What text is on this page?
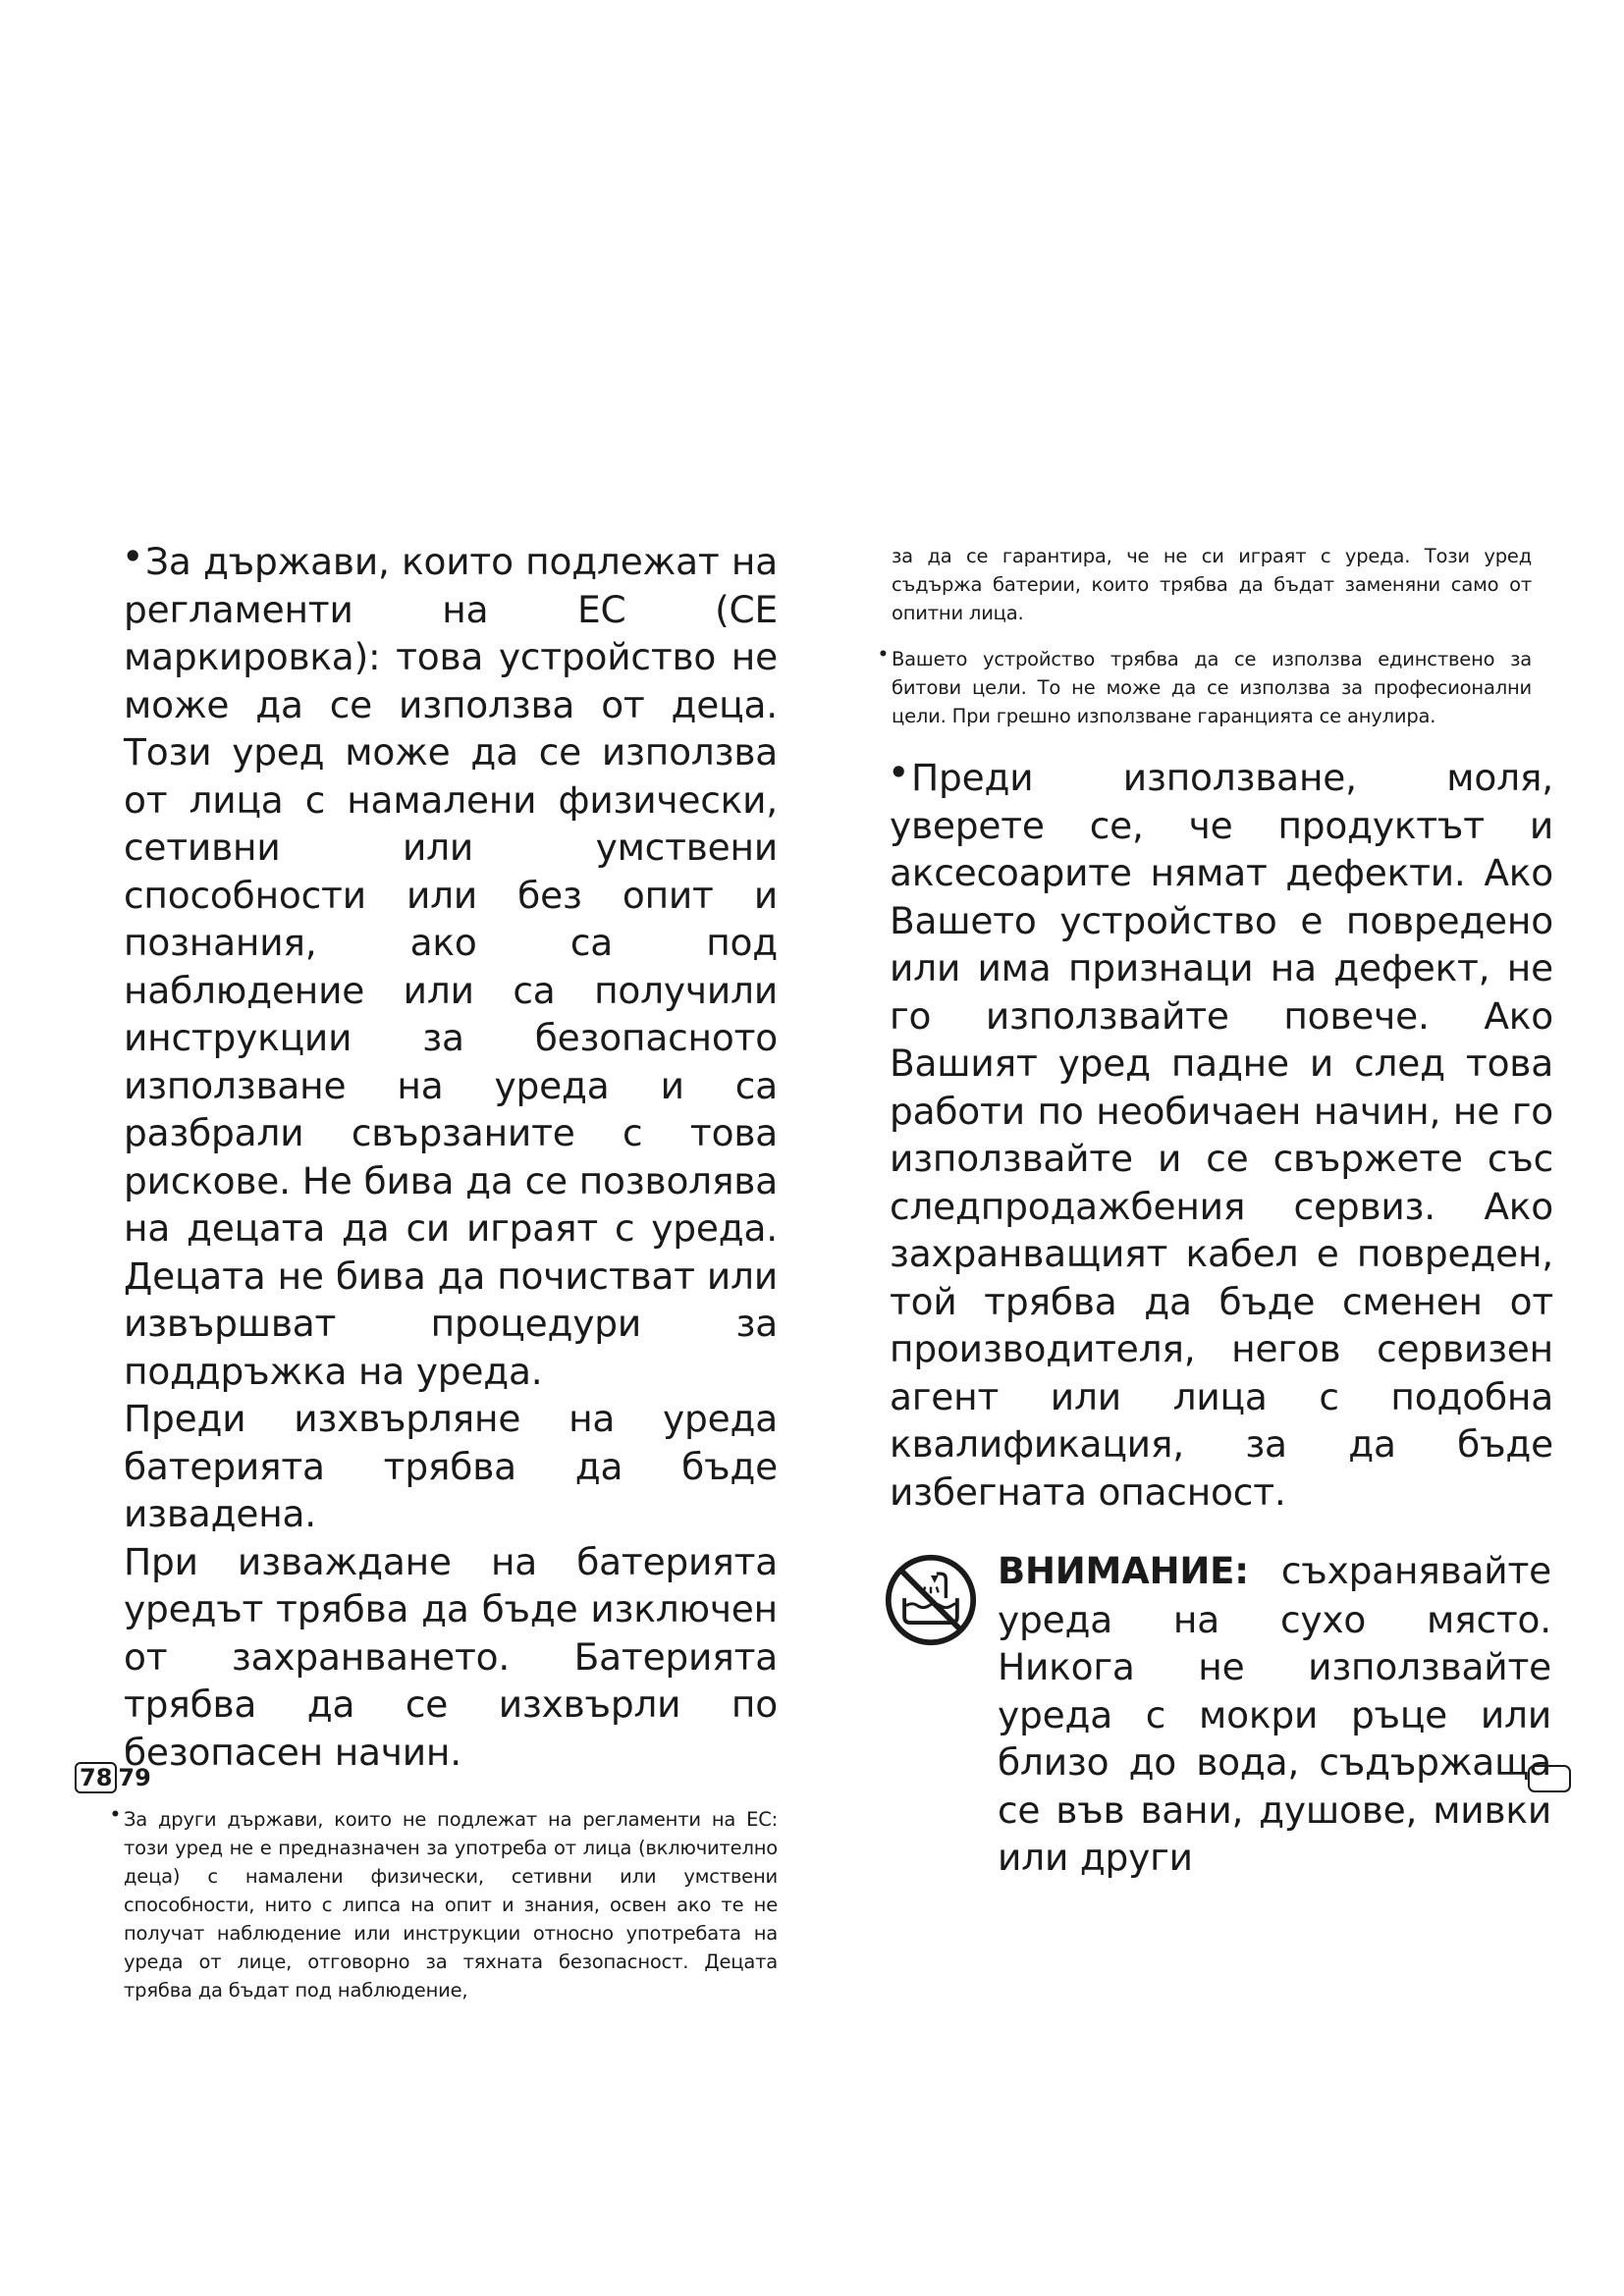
• За държави, които подлежат на регламенти на ЕС (СЕ маркировка): това устройство не може да се използва от деца. Този уред може да се използва от лица с намалени физически, сетивни или умствени способности или без опит и познания, ако са под наблюдение или са получили инструкции за безопасното използване на уреда и са разбрали свързаните с това рискове. Не бива да се позволява на децата да си играят с уреда. Децата не бива да почистват или извършват процедури за поддръжка на уреда.

Преди изхвърляне на уреда батерията трябва да бъде извадена.

При изваждане на батерията уредът трябва да бъде изключен от захранването. Батерията трябва да се изхвърли по безопасен начин.

• За други държави, които не подлежат на регламенти на ЕС: този уред не е предназначен за употреба от лица (включително деца) с намалени физически, сетивни или умствени способности, нито с липса на опит и знания, освен ако те не получат наблюдение или инструкции относно употребата на уреда от лице, отговорно за тяхната безопасност. Децата трябва да бъдат под наблюдение,

за да се гарантира, че не си играят с уреда. Този уред съдържа батерии, които трябва да бъдат заменяни само от опитни лица.

• Вашето устройство трябва да се използва единствено за битови цели. То не може да се използва за професионални цели. При грешно използване гаранцията се анулира.

• Преди използване, моля, уверете се, че продуктът и аксесоарите нямат дефекти. Ако Вашето устройство е повредено или има признаци на дефект, не го използвайте повече. Ако Вашият уред падне и след това работи по необичаен начин, не го използвайте и се свържете със следпродажбения сервиз. Ако захранващият кабел е повреден, той трябва да бъде сменен от производителя, негов сервизен агент или лица с подобна квалификация, за да бъде избегната опасност.

ВНИМАНИЕ: съхранявайте уреда на сухо място. Никога не използвайте уреда с мокри ръце или близо до вода, съдържаща се във вани, душове, мивки или други

78 79
